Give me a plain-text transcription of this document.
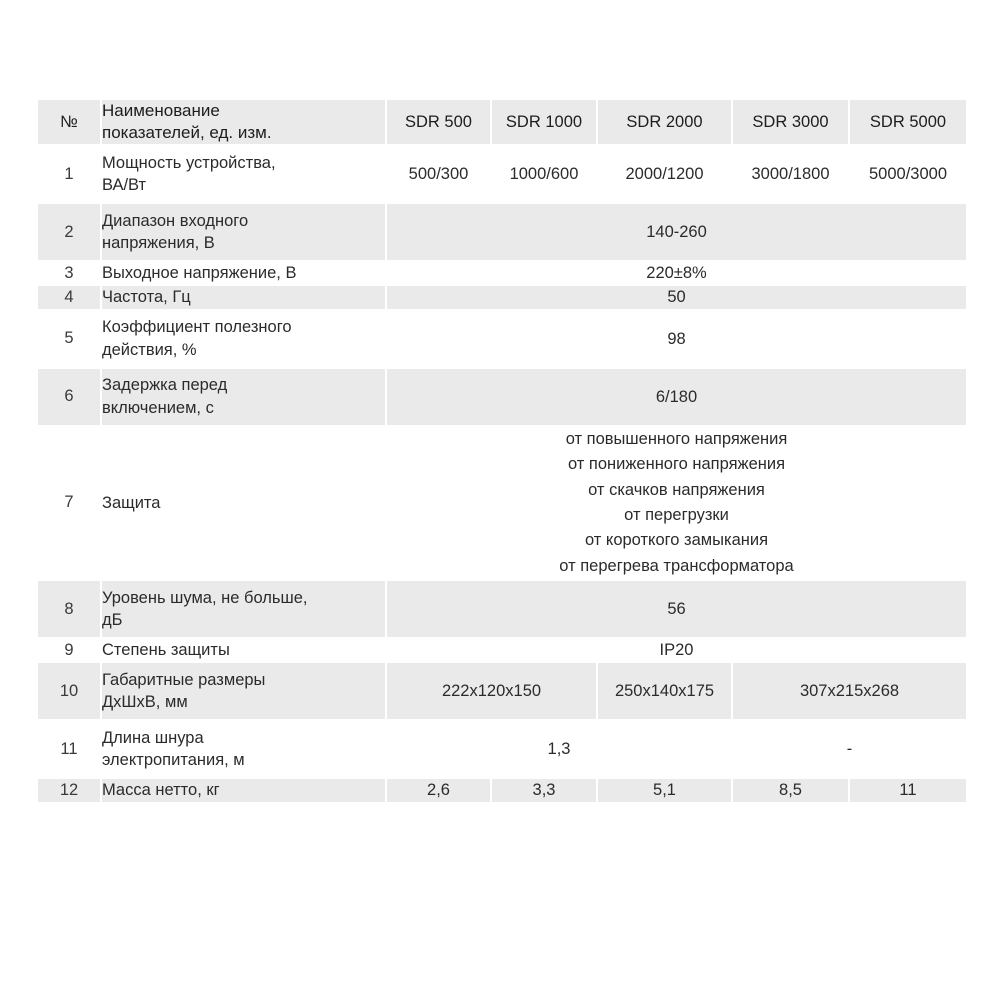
№	Наименование
показателей, ед. изм.	SDR 500	SDR 1000	SDR 2000	SDR 3000	SDR 5000
1	Мощность устройства,
ВА/Вт	500/300	1000/600	2000/1200	3000/1800	5000/3000
2	Диапазон входного
напряжения, В	140-260				
3	Выходное напряжение, В	220±8%				
4	Частота, Гц	50				
5	Коэффициент полезного
действия, %	98				
6	Задержка перед
включением, с	6/180				
7	Защита	
от повышенного напряжения
от пониженного напряжения
от скачков напряжения
от перегрузки
от короткого замыкания
от перегрева трансформатора

8	Уровень шума, не больше,
дБ	56				
9	Степень защиты	IP20				
10	Габаритные размеры
ДхШхВ, мм	222x120x150		250x140x175	307x215x268	
11	Длина шнура
электропитания, м	1,3			-	
12	Масса нетто, кг	2,6	3,3	5,1	8,5	11
